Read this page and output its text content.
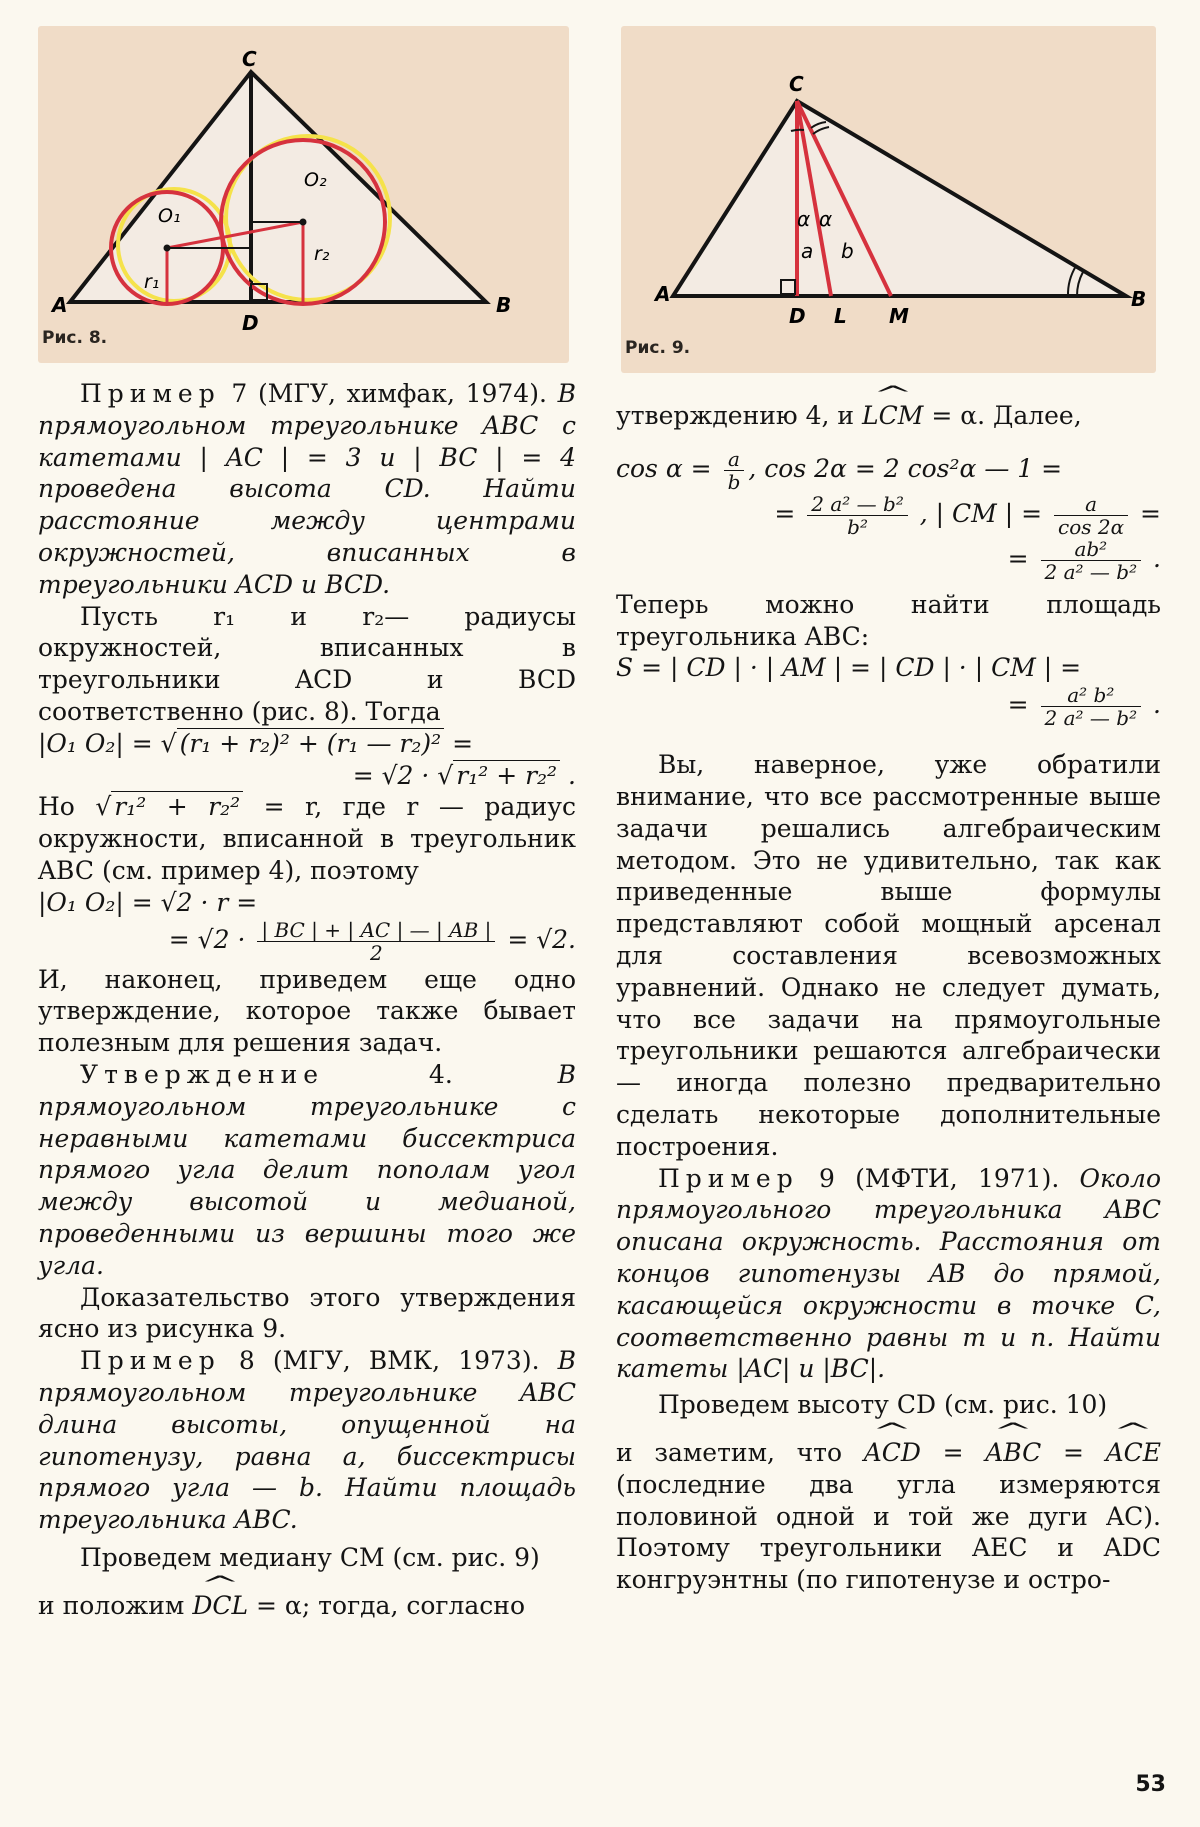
A	B
C
D
O₁
O₂
r₁
r₂
Рис. 8.
A	B
C
D L M
α α
a b
Рис. 9.

Пример 7 (МГУ, химфак, 1974). В прямоугольном треугольнике ABC с катетами | AC | = 3 и | BC | = 4 проведена высота CD. Найти расстояние между центрами окружностей, вписанных в треугольники ACD и BCD.

Пусть r₁ и r₂— радиусы окружностей, вписанных в треугольники ACD и BCD соответственно (рис. 8). Тогда

|O₁ O₂| = √ (r₁ + r₂)² + (r₁ — r₂)² =

= √2 · √ r₁² + r₂² .

Но √ r₁² + r₂² = r, где r — радиус окружности, вписанной в треугольник ABC (см. пример 4), поэтому

|O₁ O₂| = √2 · r =

= $√2 \cdot \frac{| BC | + | AC | — | AB |}{2} = √2$.

И, наконец, приведем еще одно утверждение, которое также бывает полезным для решения задач.

Утверждение 4. В прямоугольном треугольнике с неравными катетами биссектриса прямого угла делит пополам угол между высотой и медианой, проведенными из вершины того же угла.

Доказательство этого утверждения ясно из рисунка 9.

Пример 8 (МГУ, ВМК, 1973). В прямоугольном треугольнике ABC длина высоты, опущенной на гипотенузу, равна a, биссектрисы прямого угла — b. Найти площадь треугольника ABC.

Проведем медиану CM (см. рис. 9)

и положим ^ DCL = α; тогда, согласно

утверждению 4, и ^ LCM = α. Далее,

$\cos \alpha = \frac{a}{b}$ , cos 2α = 2 cos²α — 1 =

= $\frac{\text{2 a² — b²}}{\text{b²}}$ , | CM | = $\frac{a}{\cos 2\alpha}$ =

= $\frac{\text{ab²}}{\text{2 a² — b²}}$ .

Теперь можно найти площадь треугольника ABC:

S = | CD | · | AM | = | CD | · | CM | =

= $\frac{\text{a² b²}}{\text{2 a² — b²}}$ .

Вы, наверное, уже обратили внимание, что все рассмотренные выше задачи решались алгебраическим методом. Это не удивительно, так как приведенные выше формулы представляют собой мощный арсенал для составления всевозможных уравнений. Однако не следует думать, что все задачи на прямоугольные треугольники решаются алгебраически — иногда полезно предварительно сделать некоторые дополнительные построения.

Пример 9 (МФТИ, 1971). Около прямоугольного треугольника ABC описана окружность. Расстояния от концов гипотенузы AB до прямой, касающейся окружности в точке C, соответственно равны m и n. Найти катеты |AC| и |BC|.

Проведем высоту CD (см. рис. 10)

и заметим, что ^ ACD = ^ ABC = ^ ACE (последние два угла измеряются половиной одной и той же дуги AC). Поэтому треугольники AEC и ADC конгруэнтны (по гипотенузе и остро-

53
